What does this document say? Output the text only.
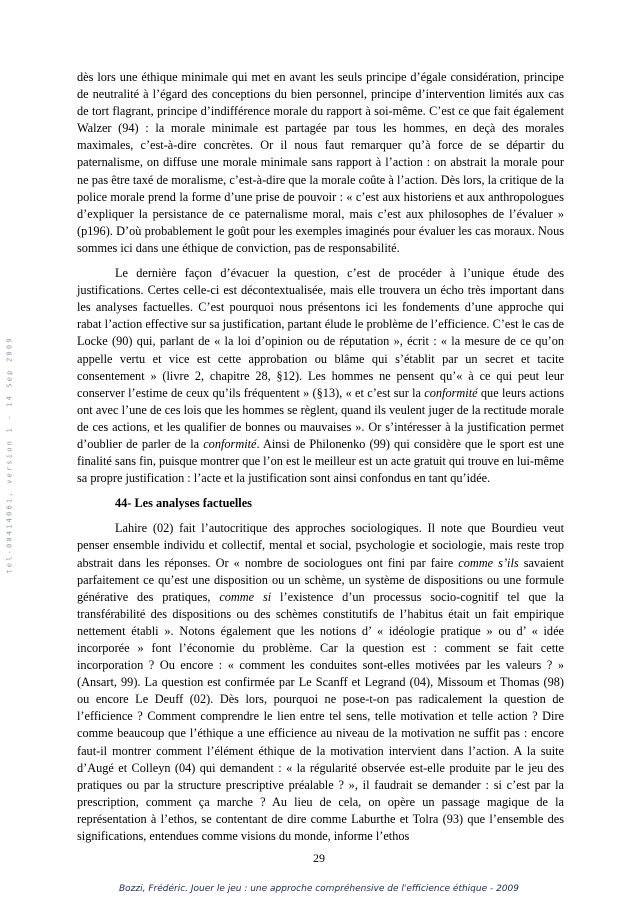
tel-00414061, version 1 - 14 Sep 2009

dès lors une éthique minimale qui met en avant les seuls principe d’égale considération, principe de neutralité à l’égard des conceptions du bien personnel, principe d’intervention limités aux cas de tort flagrant, principe d’indifférence morale du rapport à soi-même. C’est ce que fait également Walzer (94) : la morale minimale est partagée par tous les hommes, en deçà des morales maximales, c’est-à-dire concrètes. Or il nous faut remarquer qu’à force de se départir du paternalisme, on diffuse une morale minimale sans rapport à l’action : on abstrait la morale pour ne pas être taxé de moralisme, c’est-à-dire que la morale coûte à l’action. Dès lors, la critique de la police morale prend la forme d’une prise de pouvoir : « c’est aux historiens et aux anthropologues d’expliquer la persistance de ce paternalisme moral, mais c’est aux philosophes de l’évaluer » (p196). D’où probablement le goût pour les exemples imaginés pour évaluer les cas moraux. Nous sommes ici dans une éthique de conviction, pas de responsabilité.

Le dernière façon d’évacuer la question, c’est de procéder à l’unique étude des justifications. Certes celle-ci est décontextualisée, mais elle trouvera un écho très important dans les analyses factuelles. C’est pourquoi nous présentons ici les fondements d’une approche qui rabat l’action effective sur sa justification, partant élude le problème de l’efficience. C’est le cas de Locke (90) qui, parlant de « la loi d’opinion ou de réputation », écrit : « la mesure de ce qu’on appelle vertu et vice est cette approbation ou blâme qui s’établit par un secret et tacite consentement » (livre 2, chapitre 28, §12). Les hommes ne pensent qu’« à ce qui peut leur conserver l’estime de ceux qu’ils fréquentent » (§13), « et c’est sur la conformité que leurs actions ont avec l’une de ces lois que les hommes se règlent, quand ils veulent juger de la rectitude morale de ces actions, et les qualifier de bonnes ou mauvaises ». Or s’intéresser à la justification permet d’oublier de parler de la conformité. Ainsi de Philonenko (99) qui considère que le sport est une finalité sans fin, puisque montrer que l’on est le meilleur est un acte gratuit qui trouve en lui-même sa propre justification : l’acte et la justification sont ainsi confondus en tant qu’idée.

44- Les analyses factuelles

Lahire (02) fait l’autocritique des approches sociologiques. Il note que Bourdieu veut penser ensemble individu et collectif, mental et social, psychologie et sociologie, mais reste trop abstrait dans les réponses. Or « nombre de sociologues ont fini par faire comme s’ils savaient parfaitement ce qu’est une disposition ou un schème, un système de dispositions ou une formule générative des pratiques, comme si l’existence d’un processus socio-cognitif tel que la transférabilité des dispositions ou des schèmes constitutifs de l’habitus était un fait empirique nettement établi ». Notons également que les notions d’ « idéologie pratique » ou d’ « idée incorporée » font l’économie du problème. Car la question est : comment se fait cette incorporation ? Ou encore : « comment les conduites sont-elles motivées par les valeurs ? » (Ansart, 99). La question est confirmée par Le Scanff et Legrand (04), Missoum et Thomas (98) ou encore Le Deuff (02). Dès lors, pourquoi ne pose-t-on pas radicalement la question de l’efficience ? Comment comprendre le lien entre tel sens, telle motivation et telle action ? Dire comme beaucoup que l’éthique a une efficience au niveau de la motivation ne suffit pas : encore faut-il montrer comment l’élément éthique de la motivation intervient dans l’action. A la suite d’Augé et Colleyn (04) qui demandent : « la régularité observée est-elle produite par le jeu des pratiques ou par la structure prescriptive préalable ? », il faudrait se demander : si c’est par la prescription, comment ça marche ? Au lieu de cela, on opère un passage magique de la représentation à l’ethos, se contentant de dire comme Laburthe et Tolra (93) que l’ensemble des significations, entendues comme visions du monde, informe l’ethos

29
Bozzi, Frédéric. Jouer le jeu : une approche compréhensive de l'efficience éthique - 2009
